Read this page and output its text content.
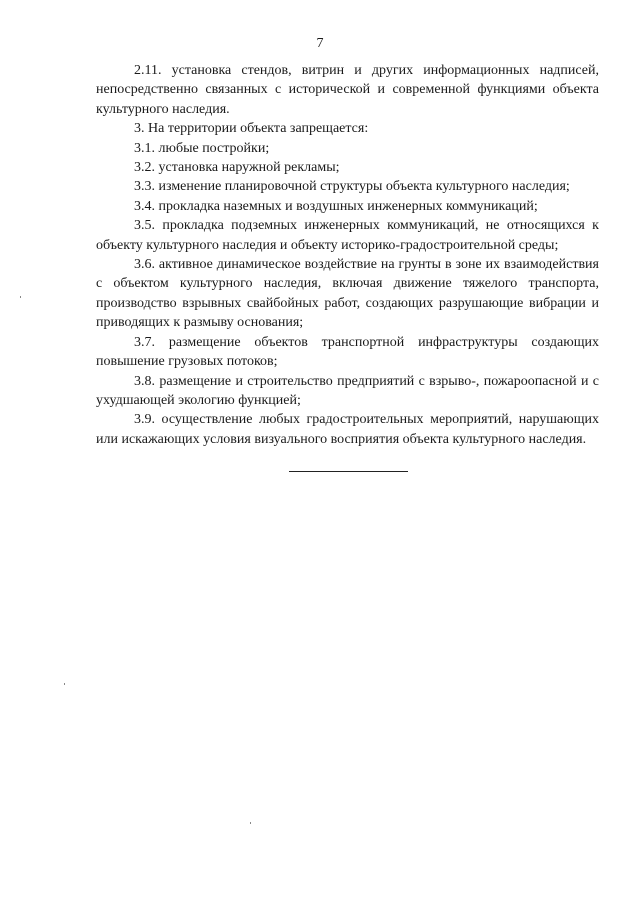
7

2.11. установка стендов, витрин и других информационных надписей, непосредственно связанных с исторической и современной функциями объекта культурного наследия.

3. На территории объекта запрещается:

3.1. любые постройки;

3.2. установка наружной рекламы;

3.3. изменение планировочной структуры объекта культурного наследия;

3.4. прокладка наземных и воздушных инженерных коммуникаций;

3.5. прокладка подземных инженерных коммуникаций, не относящихся к объекту культурного наследия и объекту историко-градостроительной среды;

3.6. активное динамическое воздействие на грунты в зоне их взаимодействия с объектом культурного наследия, включая движение тяжелого транспорта, производство взрывных свайбойных работ, создающих разрушающие вибрации и приводящих к размыву основания;

3.7. размещение объектов транспортной инфраструктуры создающих повышение грузовых потоков;

3.8. размещение и строительство предприятий с взрыво-, пожароопасной и с ухудшающей экологию функцией;

3.9. осуществление любых градостроительных мероприятий, нарушающих или искажающих условия визуального восприятия объекта культурного наследия.
